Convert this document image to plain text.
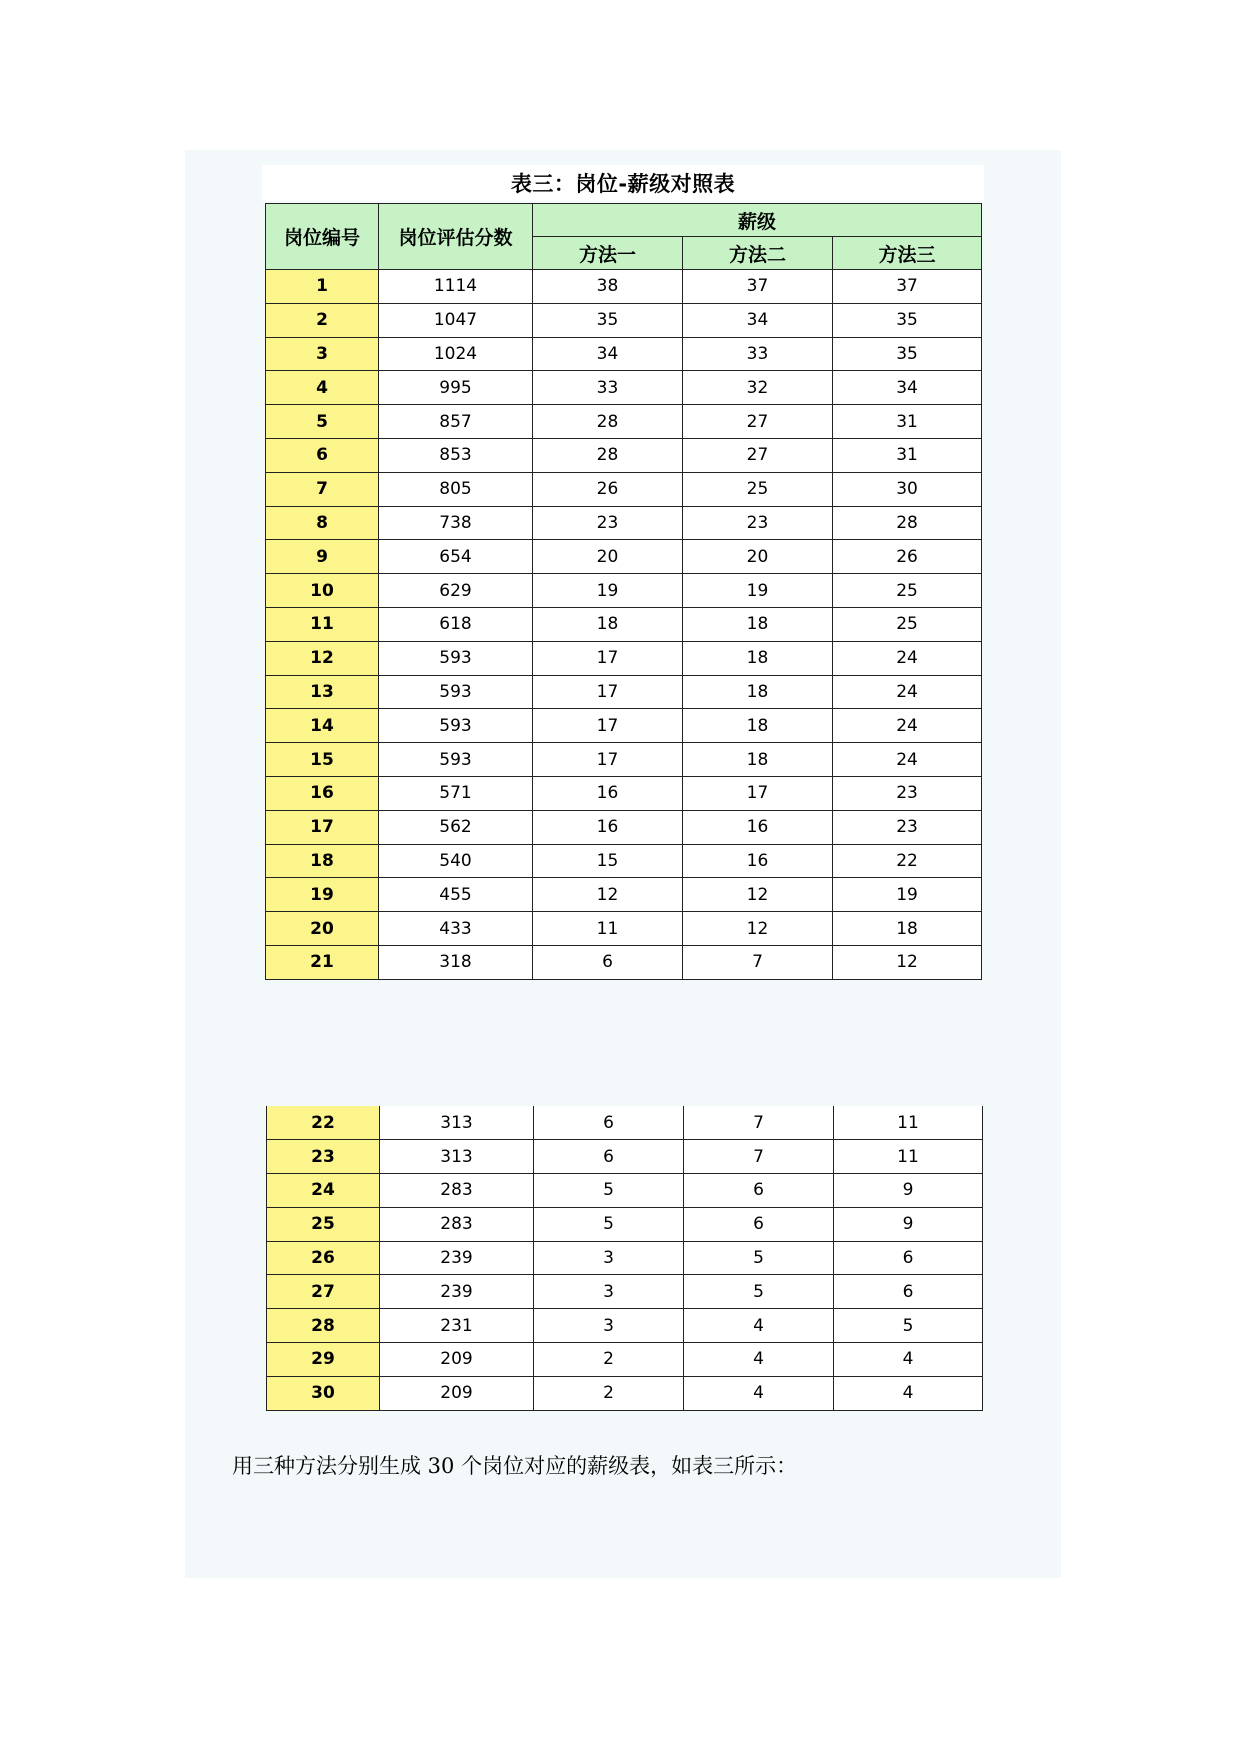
表三：岗位-薪级对照表
岗位编号	岗位评估分数	薪级		
		方法一	方法二	方法三
1	1114	38	37	37
2	1047	35	34	35
3	1024	34	33	35
4	995	33	32	34
5	857	28	27	31
6	853	28	27	31
7	805	26	25	30
8	738	23	23	28
9	654	20	20	26
10	629	19	19	25
11	618	18	18	25
12	593	17	18	24
13	593	17	18	24
14	593	17	18	24
15	593	17	18	24
16	571	16	17	23
17	562	16	16	23
18	540	15	16	22
19	455	12	12	19
20	433	11	12	18
21	318	6	7	12
22	313	6	7	11
23	313	6	7	11
24	283	5	6	9
25	283	5	6	9
26	239	3	5	6
27	239	3	5	6
28	231	3	4	5
29	209	2	4	4
30	209	2	4	4
用三种方法分别生成 30 个岗位对应的薪级表，如表三所示：
